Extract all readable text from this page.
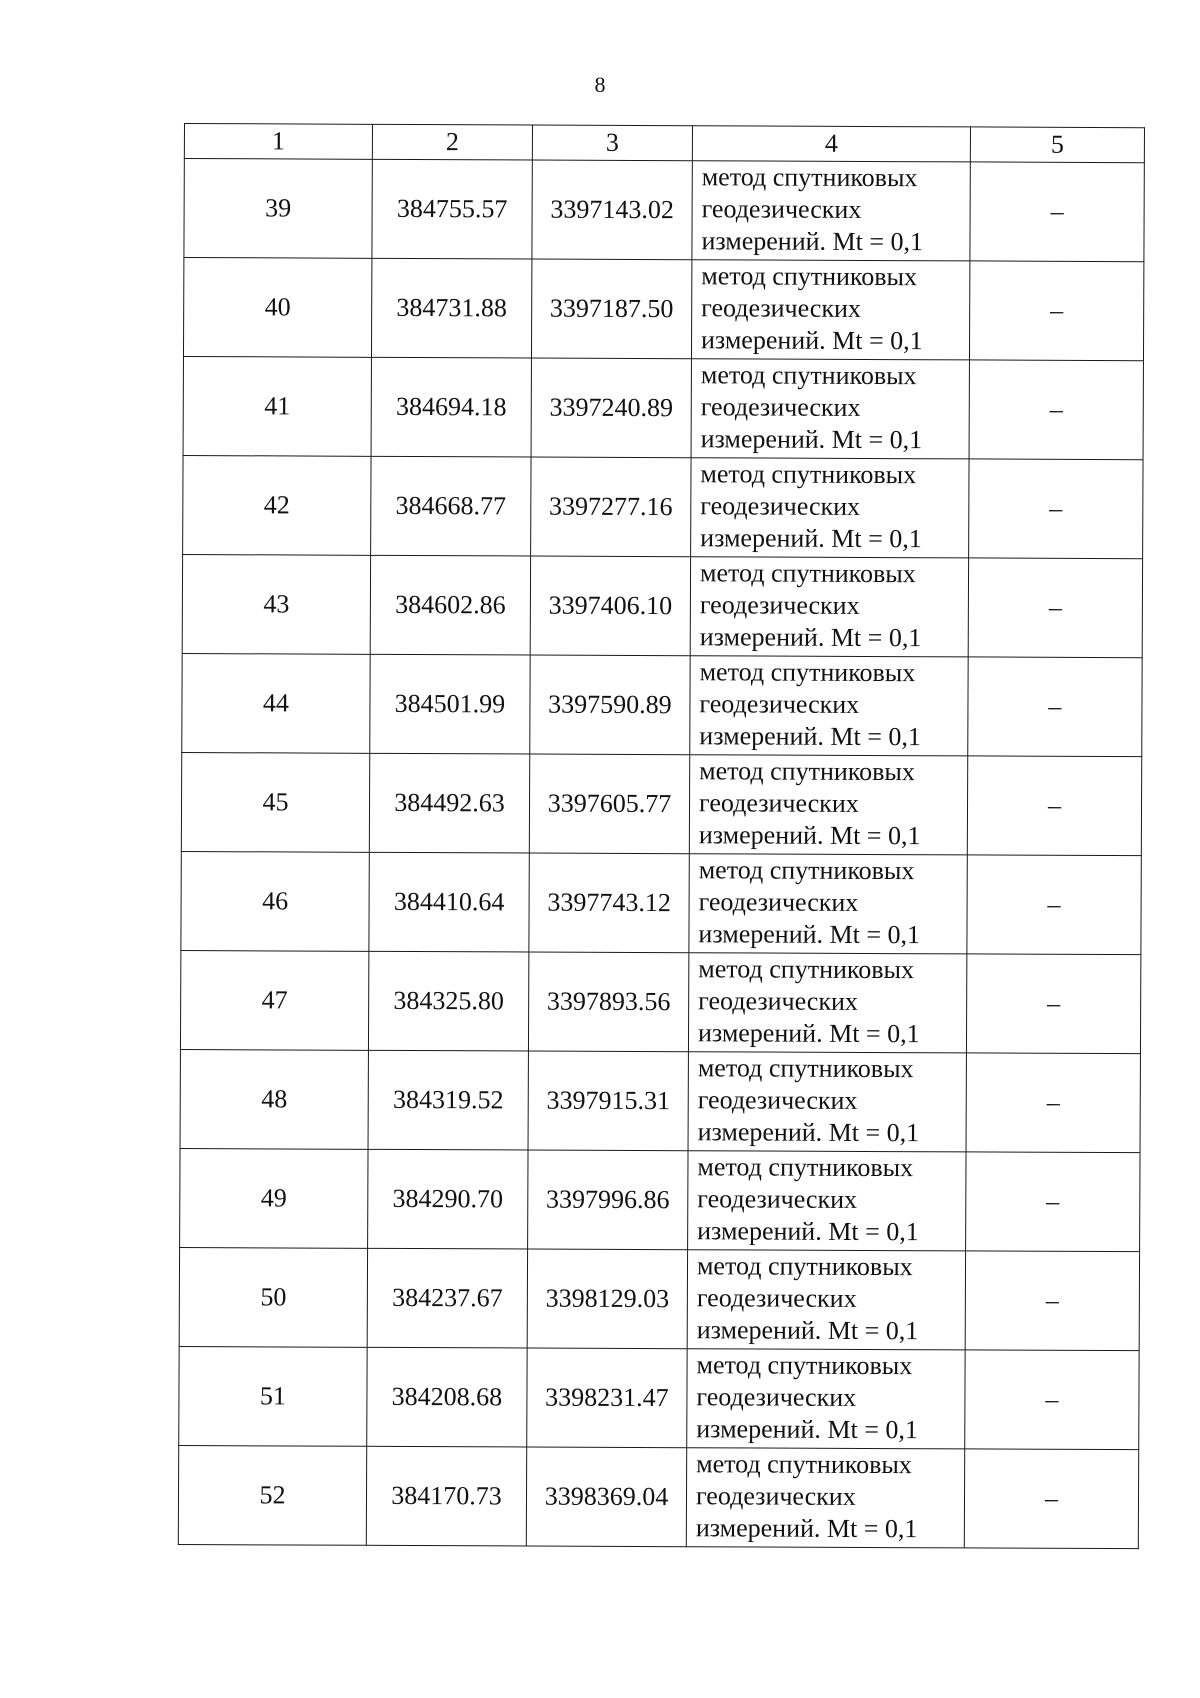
8
1	2	3	4	5
39	384755.57	3397143.02	метод спутниковых
геодезических
измерений. Mt = 0,1	–
40	384731.88	3397187.50	метод спутниковых
геодезических
измерений. Mt = 0,1	–
41	384694.18	3397240.89	метод спутниковых
геодезических
измерений. Mt = 0,1	–
42	384668.77	3397277.16	метод спутниковых
геодезических
измерений. Mt = 0,1	–
43	384602.86	3397406.10	метод спутниковых
геодезических
измерений. Mt = 0,1	–
44	384501.99	3397590.89	метод спутниковых
геодезических
измерений. Mt = 0,1	–
45	384492.63	3397605.77	метод спутниковых
геодезических
измерений. Mt = 0,1	–
46	384410.64	3397743.12	метод спутниковых
геодезических
измерений. Mt = 0,1	–
47	384325.80	3397893.56	метод спутниковых
геодезических
измерений. Mt = 0,1	–
48	384319.52	3397915.31	метод спутниковых
геодезических
измерений. Mt = 0,1	–
49	384290.70	3397996.86	метод спутниковых
геодезических
измерений. Mt = 0,1	–
50	384237.67	3398129.03	метод спутниковых
геодезических
измерений. Mt = 0,1	–
51	384208.68	3398231.47	метод спутниковых
геодезических
измерений. Mt = 0,1	–
52	384170.73	3398369.04	метод спутниковых
геодезических
измерений. Mt = 0,1	–
